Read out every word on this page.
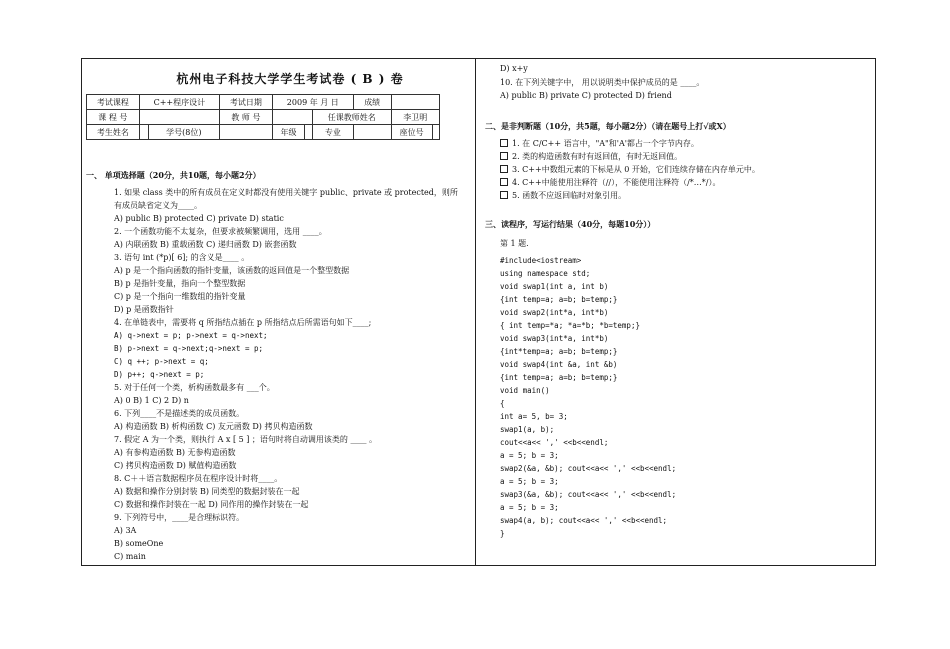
杭州电子科技大学学生考试卷 ( B ) 卷
考试课程	C++程序设计		考试日期	2009 年 月 日			成绩		
课 程 号			教 师 号			任课教师姓名		李卫明	
考生姓名		学号(8位)		年级		专业		座位号	
一、 单项选择题（20分，共10题，每小题2分）
1. 如果 class 类中的所有成员在定义时都没有使用关键字 public、private 或 protected，则所
有成员缺省定义为____。
A) public B) protected C) private D) static
2. 一个函数功能不太复杂，但要求被频繁调用，选用 ____。
A) 内联函数 B) 重载函数 C) 递归函数 D) 嵌套函数
3. 语句 int (*p)[ 6]; 的含义是____ 。
A) p 是一个指向函数的指针变量，该函数的返回值是一个整型数据
B) p 是指针变量，指向一个整型数据
C) p 是一个指向一维数组的指针变量
D) p 是函数指针
4. 在单链表中，需要将 q 所指结点插在 p 所指结点后所需语句如下____;
A) q->next = p; p->next = q->next;
B) p->next = q->next;q->next = p;
C) q ++; p->next = q;
D) p++; q->next = p;
5. 对于任何一个类，析构函数最多有 ___个。
A) 0 B) 1 C) 2 D) n
6. 下列____不是描述类的成员函数。
A) 构造函数 B) 析构函数 C) 友元函数 D) 拷贝构造函数
7. 假定 A 为一个类，则执行 A x [ 5 ] ；语句时将自动调用该类的 ____ 。
A) 有参构造函数 B) 无参构造函数
C) 拷贝构造函数 D) 赋值构造函数
8. C＋＋语言数据程序员在程序设计时将____。
A) 数据和操作分别封装 B) 同类型的数据封装在一起
C) 数据和操作封装在一起 D) 同作用的操作封装在一起
9. 下列符号中，____是合理标识符。
A) 3A
B) someOne
C) main
D) x+y
10. 在下列关键字中， 用以说明类中保护成员的是 ____。
A) public B) private C) protected D) friend
二、是非判断题（10分，共5题，每小题2分）（请在题号上打√或X）
1. 在 C/C++ 语言中，"A"和'A'都占一个字节内存。
2. 类的构造函数有时有返回值，有时无返回值。
3. C++中数组元素的下标是从 0 开始，它们连续存储在内存单元中。
4. C++中能使用注释符（//），不能使用注释符（/*…*/）。
5. 函数不应返回临时对象引用。
三、读程序，写运行结果（40分，每题10分））
第 1 题.
#include<iostream>
using namespace std;
void swap1(int a, int b)
{int temp=a; a=b; b=temp;}
void swap2(int*a, int*b)
{ int temp=*a; *a=*b; *b=temp;}
void swap3(int*a, int*b)
{int*temp=a; a=b; b=temp;}
void swap4(int &a, int &b)
{int temp=a; a=b; b=temp;}
void main()
{
int a= 5, b= 3;
swap1(a, b);
cout<<a<< ',' <<b<<endl;
a = 5; b = 3;
swap2(&a, &b); cout<<a<< ',' <<b<<endl;
a = 5; b = 3;
swap3(&a, &b); cout<<a<< ',' <<b<<endl;
a = 5; b = 3;
swap4(a, b); cout<<a<< ',' <<b<<endl;
}
